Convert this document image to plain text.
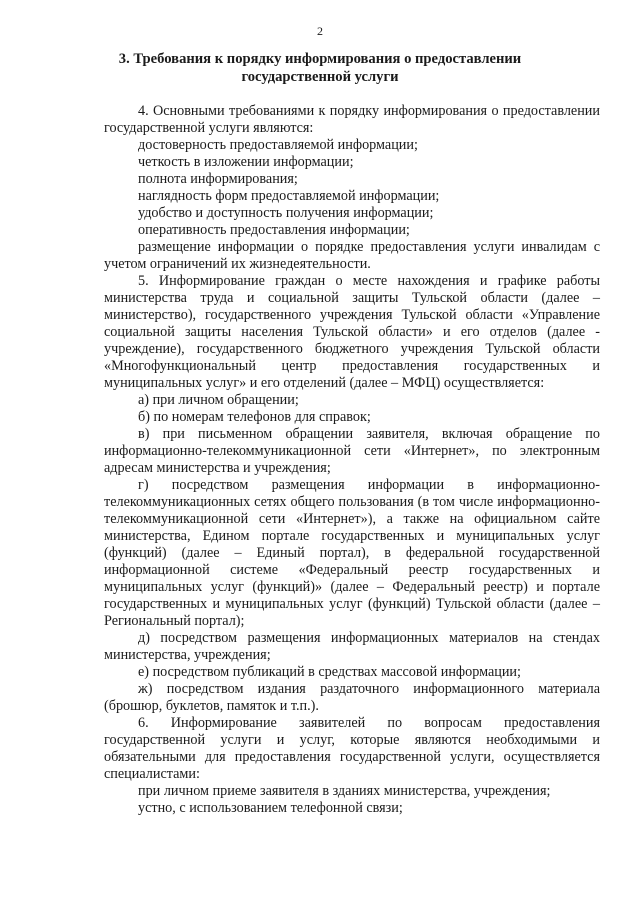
2
3. Требования к порядку информирования о предоставлении государственной услуги

4. Основными требованиями к порядку информирования о предоставлении государственной услуги являются:

достоверность предоставляемой информации;

четкость в изложении информации;

полнота информирования;

наглядность форм предоставляемой информации;

удобство и доступность получения информации;

оперативность предоставления информации;

размещение информации о порядке предоставления услуги инвалидам с учетом ограничений их жизнедеятельности.

5. Информирование граждан о месте нахождения и графике работы министерства труда и социальной защиты Тульской области (далее – министерство), государственного учреждения Тульской области «Управление социальной защиты населения Тульской области» и его отделов (далее - учреждение), государственного бюджетного учреждения Тульской области «Многофункциональный центр предоставления государственных и муниципальных услуг» и его отделений (далее – МФЦ) осуществляется:

а) при личном обращении;

б) по номерам телефонов для справок;

в) при письменном обращении заявителя, включая обращение по информационно-телекоммуникационной сети «Интернет», по электронным адресам министерства и учреждения;

г) посредством размещения информации в информационно-телекоммуникационных сетях общего пользования (в том числе информационно-телекоммуникационной сети «Интернет»), а также на официальном сайте министерства, Едином портале государственных и муниципальных услуг (функций) (далее – Единый портал), в федеральной государственной информационной системе «Федеральный реестр государственных и муниципальных услуг (функций)» (далее – Федеральный реестр) и портале государственных и муниципальных услуг (функций) Тульской области (далее – Региональный портал);

д) посредством размещения информационных материалов на стендах министерства, учреждения;

е) посредством публикаций в средствах массовой информации;

ж) посредством издания раздаточного информационного материала (брошюр, буклетов, памяток и т.п.).

6. Информирование заявителей по вопросам предоставления государственной услуги и услуг, которые являются необходимыми и обязательными для предоставления государственной услуги, осуществляется специалистами:

при личном приеме заявителя в зданиях министерства, учреждения;

устно, с использованием телефонной связи;
